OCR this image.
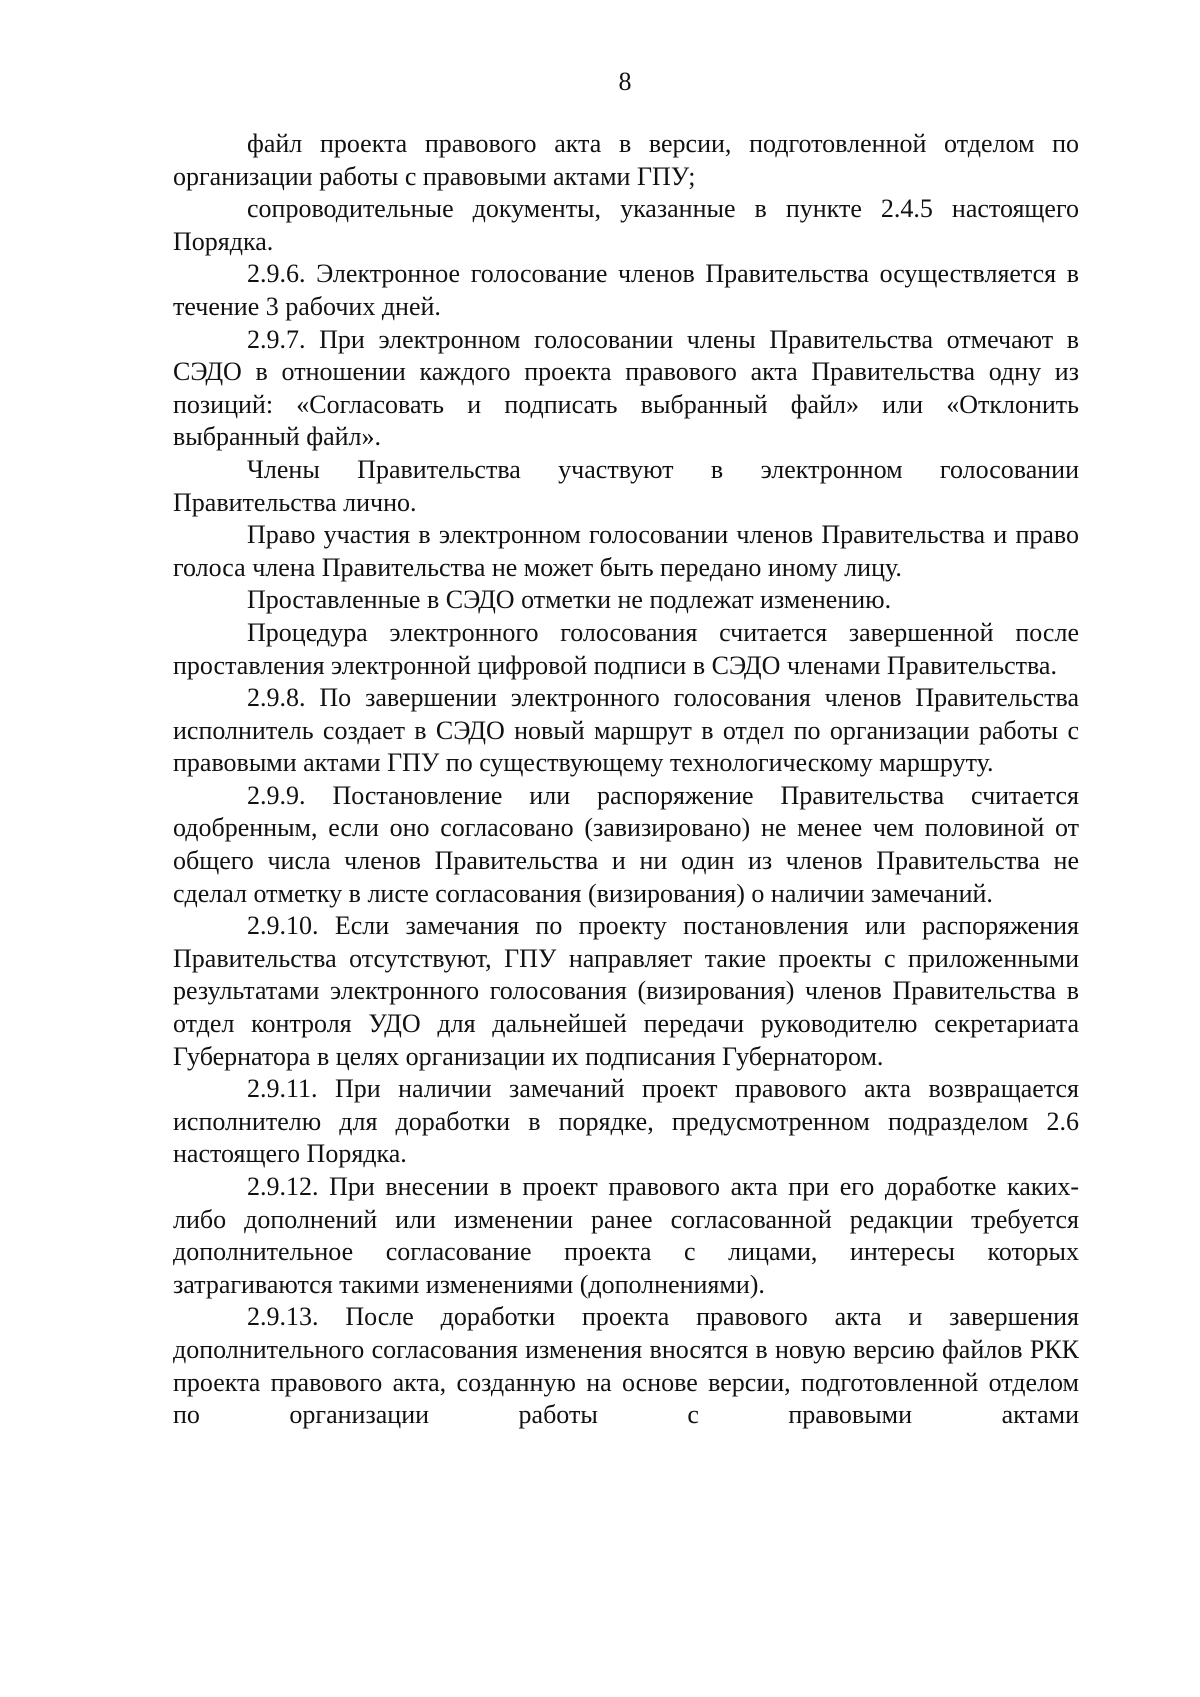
8

файл проекта правового акта в версии, подготовленной отделом по организации работы с правовыми актами ГПУ;

сопроводительные документы, указанные в пункте 2.4.5 настоящего Порядка.

2.9.6. Электронное голосование членов Правительства осуществляется в течение 3 рабочих дней.

2.9.7. При электронном голосовании члены Правительства отмечают в СЭДО в отношении каждого проекта правового акта Правительства одну из позиций: «Согласовать и подписать выбранный файл» или «Отклонить выбранный файл».

Члены Правительства участвуют в электронном голосовании Правительства лично.

Право участия в электронном голосовании членов Правительства и право голоса члена Правительства не может быть передано иному лицу.

Проставленные в СЭДО отметки не подлежат изменению.

Процедура электронного голосования считается завершенной после проставления электронной цифровой подписи в СЭДО членами Правительства.

2.9.8. По завершении электронного голосования членов Правительства исполнитель создает в СЭДО новый маршрут в отдел по организации работы с правовыми актами ГПУ по существующему технологическому маршруту.

2.9.9. Постановление или распоряжение Правительства считается одобренным, если оно согласовано (завизировано) не менее чем половиной от общего числа членов Правительства и ни один из членов Правительства не сделал отметку в листе согласования (визирования) о наличии замечаний.

2.9.10. Если замечания по проекту постановления или распоряжения Правительства отсутствуют, ГПУ направляет такие проекты с приложенными результатами электронного голосования (визирования) членов Правительства в отдел контроля УДО для дальнейшей передачи руководителю секретариата Губернатора в целях организации их подписания Губернатором.

2.9.11. При наличии замечаний проект правового акта возвращается исполнителю для доработки в порядке, предусмотренном подразделом 2.6 настоящего Порядка.

2.9.12. При внесении в проект правового акта при его доработке каких-либо дополнений или изменении ранее согласованной редакции требуется дополнительное согласование проекта с лицами, интересы которых затрагиваются такими изменениями (дополнениями).

2.9.13. После доработки проекта правового акта и завершения дополнительного согласования изменения вносятся в новую версию файлов РКК проекта правового акта, созданную на основе версии, подготовленной отделом по организации работы с правовыми актами
